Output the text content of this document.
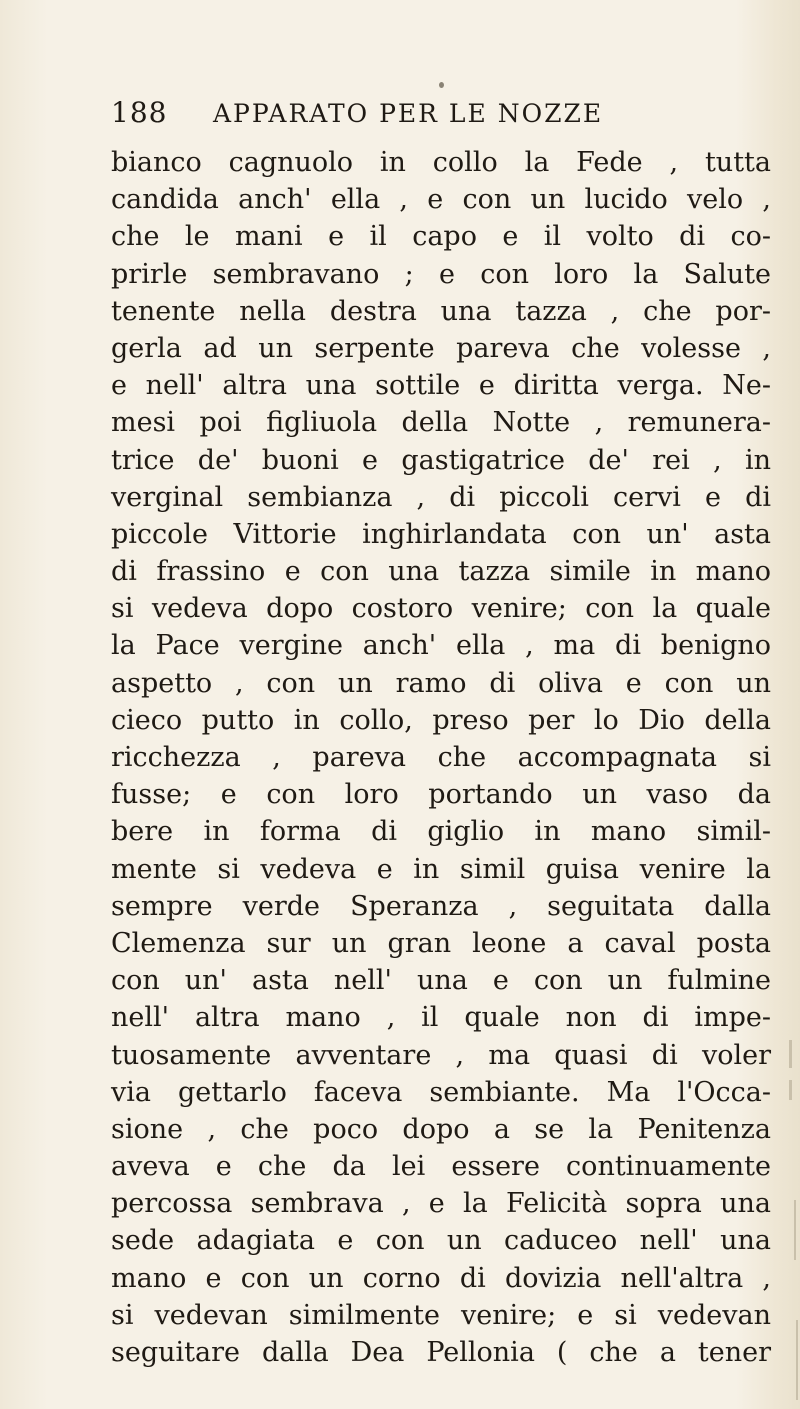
188 APPARATO PER LE NOZZE
bianco cagnuolo in collo la Fede , tutta
candida anch' ella , e con un lucido velo ,
che le mani e il capo e il volto di co-
prirle sembravano ; e con loro la Salute
tenente nella destra una tazza , che por-
gerla ad un serpente pareva che volesse ,
e nell' altra una sottile e diritta verga. Ne-
mesi poi figliuola della Notte , remunera-
trice de' buoni e gastigatrice de' rei , in
verginal sembianza , di piccoli cervi e di
piccole Vittorie inghirlandata con un' asta
di frassino e con una tazza simile in mano
si vedeva dopo costoro venire; con la quale
la Pace vergine anch' ella , ma di benigno
aspetto , con un ramo di oliva e con un
cieco putto in collo, preso per lo Dio della
ricchezza , pareva che accompagnata si
fusse; e con loro portando un vaso da
bere in forma di giglio in mano simil-
mente si vedeva e in simil guisa venire la
sempre verde Speranza , seguitata dalla
Clemenza sur un gran leone a caval posta
con un' asta nell' una e con un fulmine
nell' altra mano , il quale non di impe-
tuosamente avventare , ma quasi di voler
via gettarlo faceva sembiante. Ma l'Occa-
sione , che poco dopo a se la Penitenza
aveva e che da lei essere continuamente
percossa sembrava , e la Felicità sopra una
sede adagiata e con un caduceo nell' una
mano e con un corno di dovizia nell'altra ,
si vedevan similmente venire; e si vedevan
seguitare dalla Dea Pellonia ( che a tener
